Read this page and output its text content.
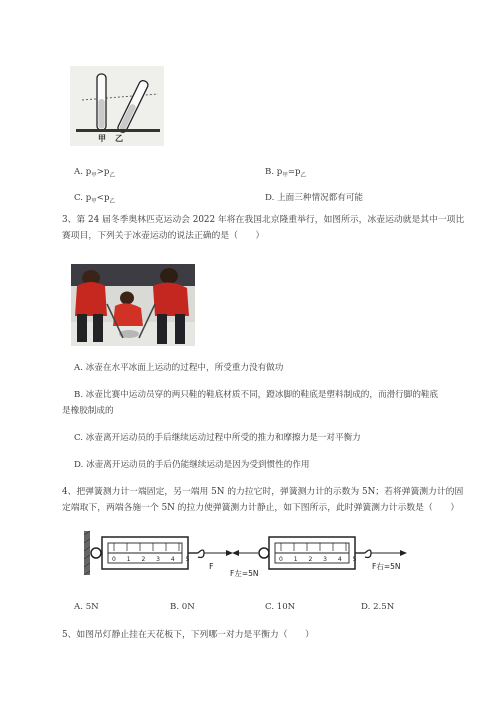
甲 乙
A. $p_甲>p_乙$	B. $p_甲=p_乙$
C. $p_甲<p_乙$	D. 上面三种情况都有可能
3、第 24 届冬季奥林匹克运动会 2022 年将在我国北京隆重举行，如图所示，冰壶运动就是其中一项比
赛项目，下列关于冰壶运动的说法正确的是（　　）
A. 冰壶在水平冰面上运动的过程中，所受重力没有做功
B. 冰壶比赛中运动员穿的两只鞋的鞋底材质不同，蹬冰脚的鞋底是塑料制成的，而滑行脚的鞋底
是橡胶制成的
C. 冰壶离开运动员的手后继续运动过程中所受的推力和摩擦力是一对平衡力
D. 冰壶离开运动员的手后仍能继续运动是因为受到惯性的作用
4、把弹簧测力计一端固定，另一端用 5N 的力拉它时，弹簧测力计的示数为 5N；若将弹簧测力计的固
定端取下，两端各施一个 5N 的拉力使弹簧测力计静止，如下图所示，此时弹簧测力计示数是（　　）
0 1 2 3 4 5
F
F左=5N
0 1 2 3 4 5
F右=5N
A. 5N	B. 0N	C. 10N	D. 2.5N
5、如图吊灯静止挂在天花板下，下列哪一对力是平衡力（　　）
